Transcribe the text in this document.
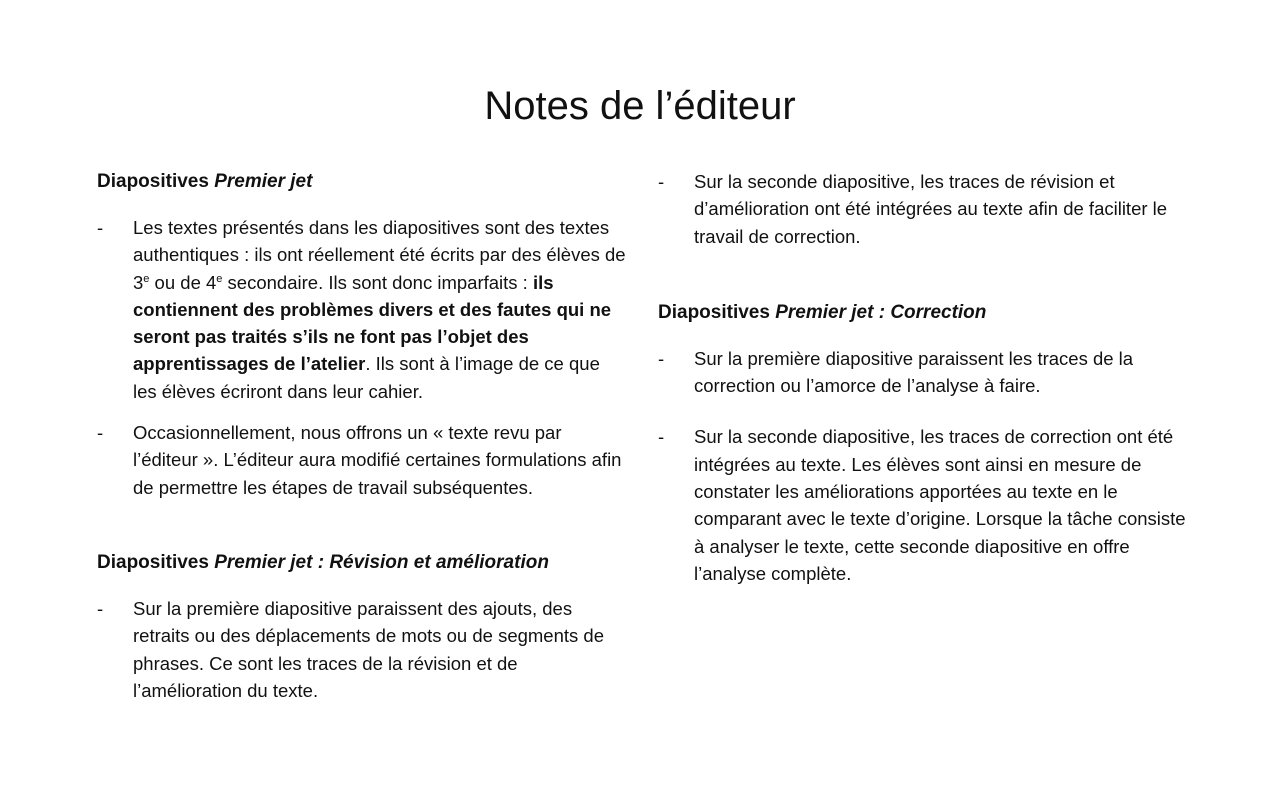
Notes de l’éditeur

Diapositives Premier jet

-	Les textes présentés dans les diapositives sont des textes authentiques : ils ont réellement été écrits par des élèves de 3e ou de 4e secondaire. Ils sont donc imparfaits : ils contiennent des problèmes divers et des fautes qui ne seront pas traités s’ils ne font pas l’objet des apprentissages de l’atelier. Ils sont à l’image de ce que les élèves écriront dans leur cahier.
-	Occasionnellement, nous offrons un « texte revu par l’éditeur ». L’éditeur aura modifié certaines formulations afin de permettre les étapes de travail subséquentes.

Diapositives Premier jet : Révision et amélioration

-	Sur la première diapositive paraissent des ajouts, des retraits ou des déplacements de mots ou de segments de phrases. Ce sont les traces de la révision et de l’amélioration du texte.
-	Sur la seconde diapositive, les traces de révision et d’amélioration ont été intégrées au texte afin de faciliter le travail de correction.

Diapositives Premier jet : Correction

-	Sur la première diapositive paraissent les traces de la correction ou l’amorce de l’analyse à faire.
-	Sur la seconde diapositive, les traces de correction ont été intégrées au texte. Les élèves sont ainsi en mesure de constater les améliorations apportées au texte en le comparant avec le texte d’origine. Lorsque la tâche consiste à analyser le texte, cette seconde diapositive en offre l’analyse complète.
